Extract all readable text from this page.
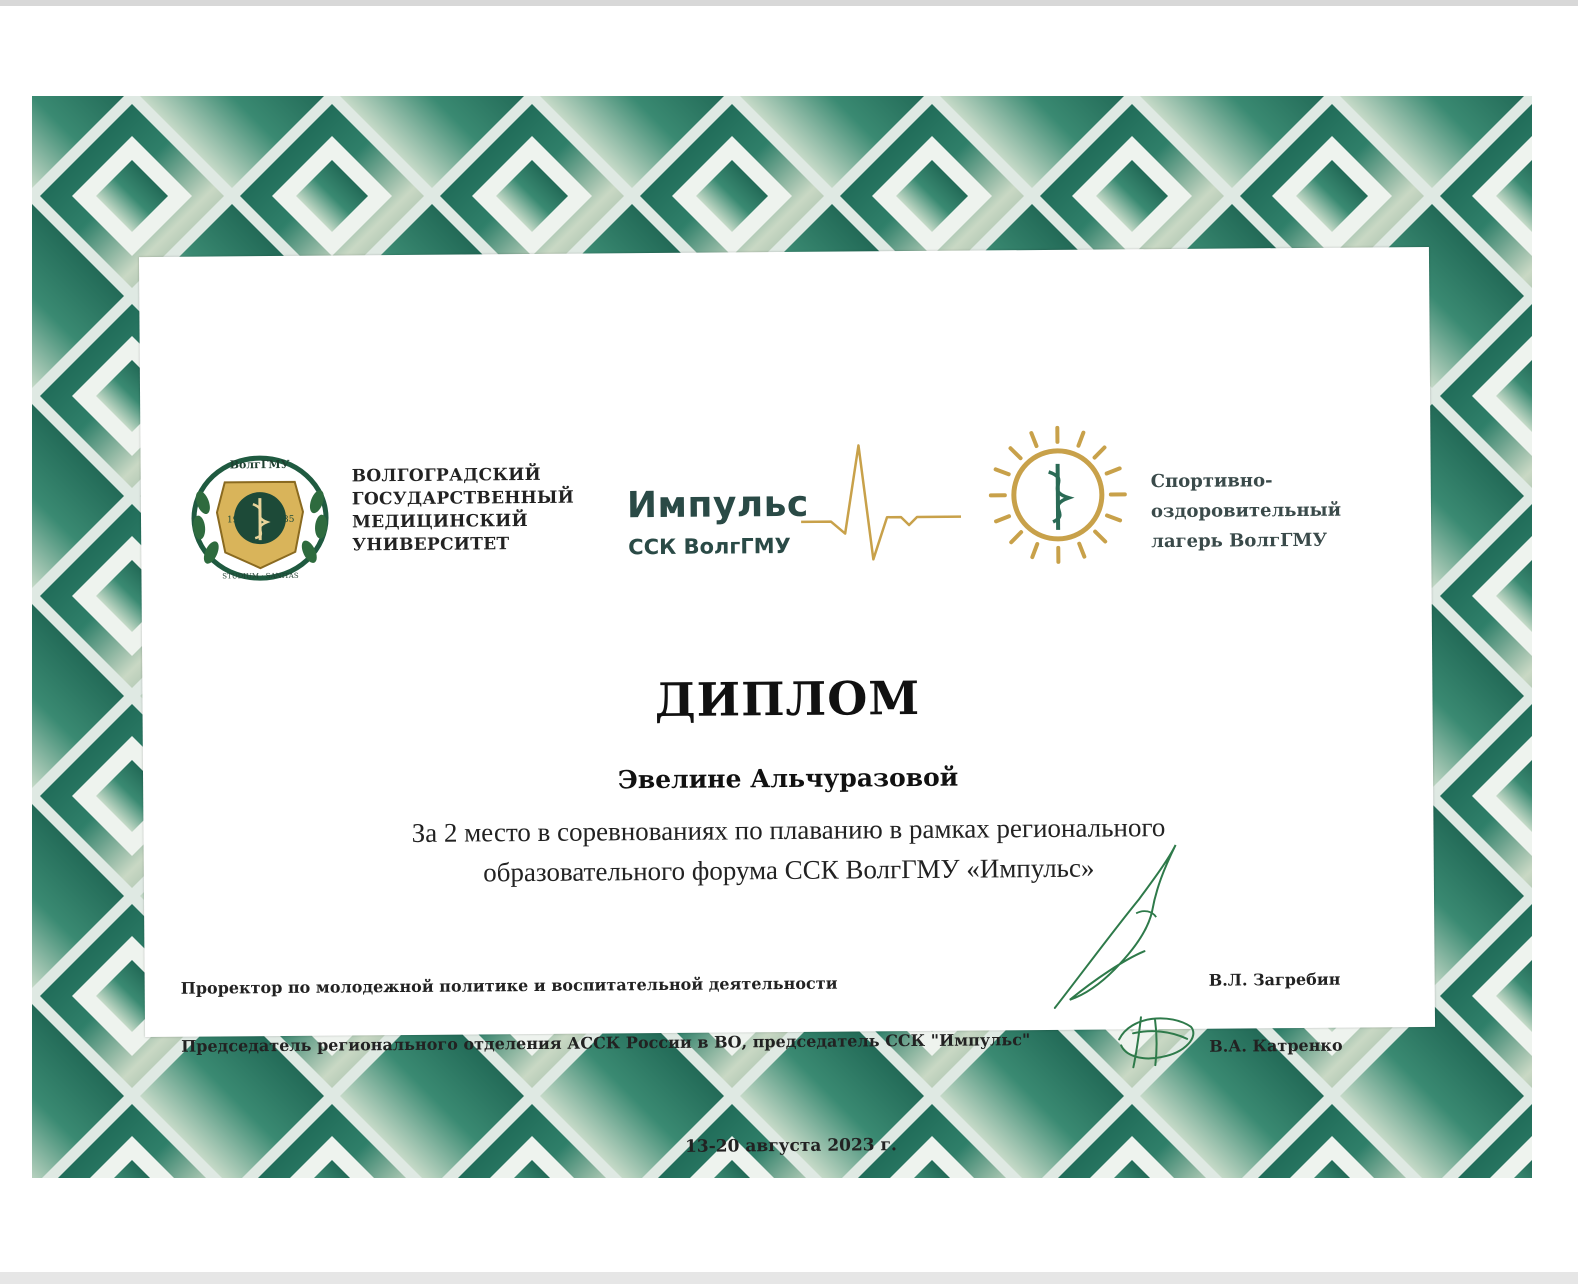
19	35
ВолгГМУ
STUDIUM · SANITAS
ВОЛГОГРАДСКИЙ
ГОСУДАРСТВЕННЫЙ
МЕДИЦИНСКИЙ
УНИВЕРСИТЕТ
Импульс
ССК ВолгГМУ
Спортивно-
оздоровительный
лагерь ВолгГМУ
ДИПЛОМ
Эвелине Альчуразовой
За 2 место в соревнованиях по плаванию в рамках регионального
образовательного форума ССК ВолгГМУ «Импульс»
Проректор по молодежной политике и воспитательной деятельности	В.Л. Загребин
Председатель регионального отделения АССК России в ВО, председатель ССК "Импульс"	В.А. Катренко
13-20 августа 2023 г.
